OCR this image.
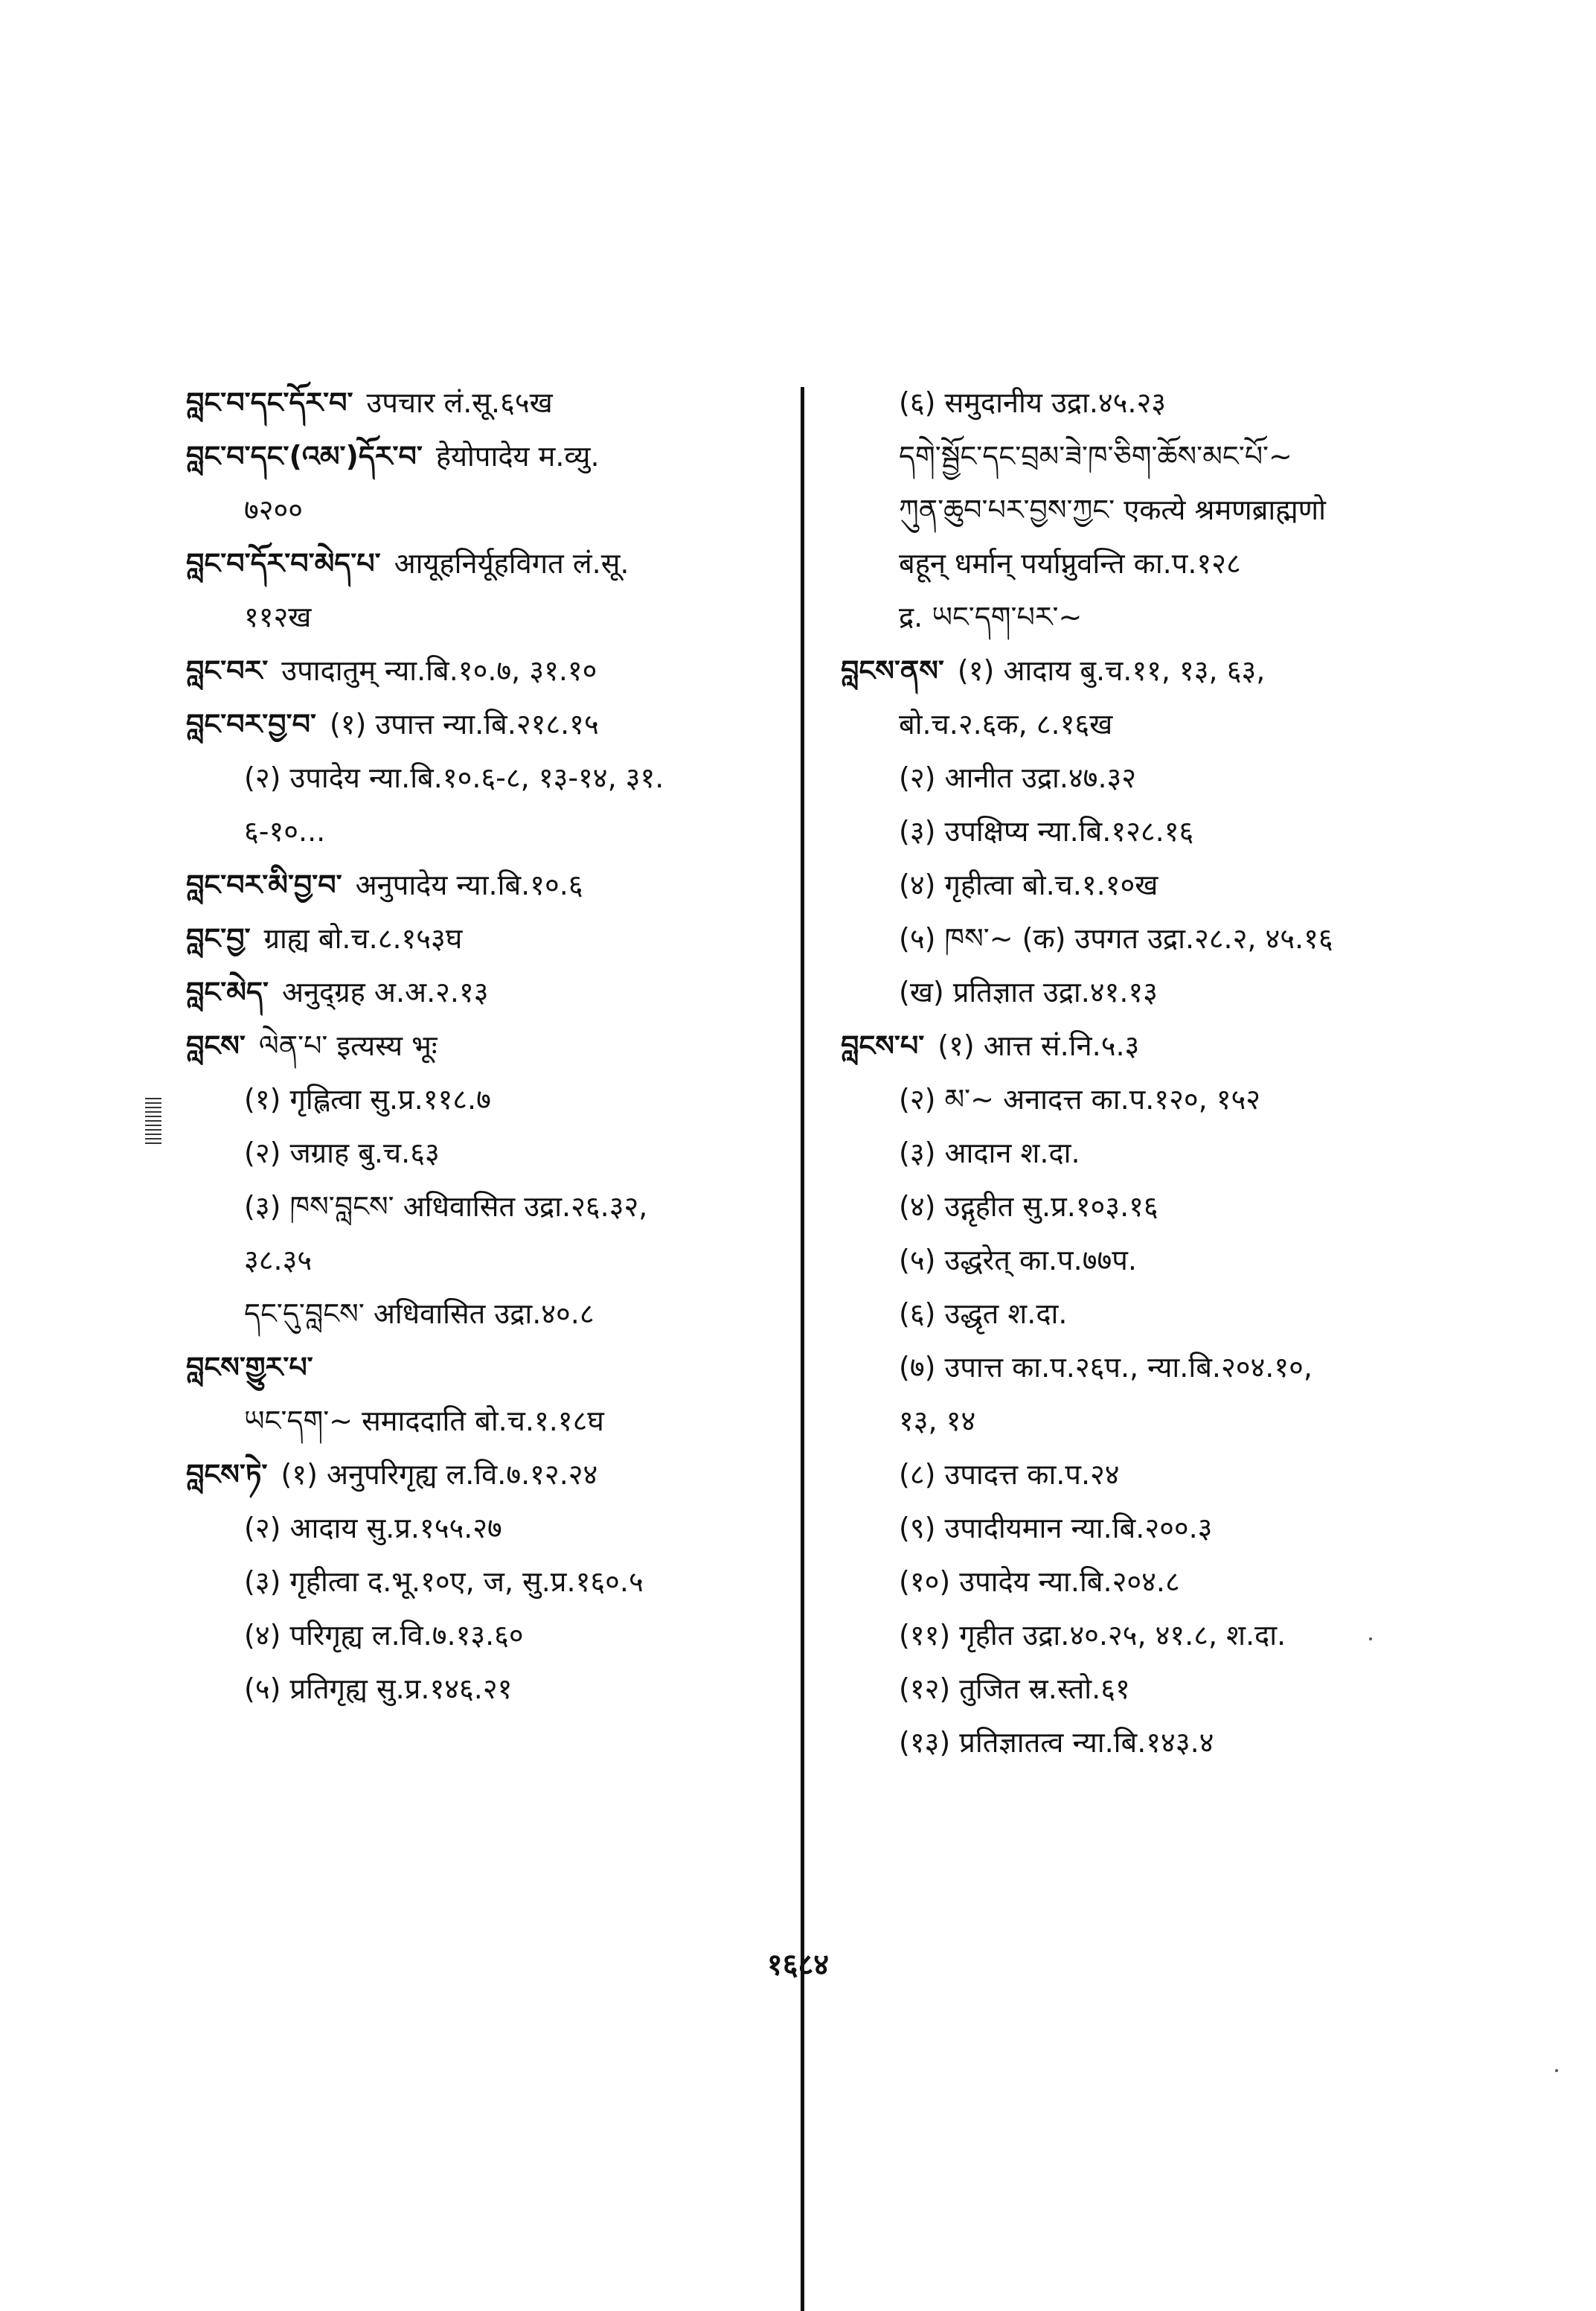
བླང་བ་དང་དོར་བ་ उपचार लं.सू.६५ख
བླང་བ་དང་(འམ་)དོར་བ་ हेयोपादेय म.व्यु.
७२००
བླང་བ་དོར་བ་མེད་པ་ आयूहनिर्यूहविगत लं.सू.
११२ख
བླང་བར་ उपादातुम् न्या.बि.१०.७, ३१.१०
བླང་བར་བྱ་བ་ (१) उपात्त न्या.बि.२१८.१५
(२) उपादेय न्या.बि.१०.६-८, १३-१४, ३१.
६-१०...
བླང་བར་མི་བྱ་བ་ अनुपादेय न्या.बि.१०.६
བླང་བྱ་ ग्राह्य बो.च.८.१५३घ
བླང་མེད་ अनुद्ग्रह अ.अ.२.१३
བླངས་ ལེན་པ་ इत्यस्य भूः
(१) गृह्लित्वा सु.प्र.११८.७
(२) जग्राह बु.च.६३
(३) ཁས་བླངས་ अधिवासित उद्रा.२६.३२,
३८.३५
དང་དུ་བླངས་ अधिवासित उद्रा.४०.८
བླངས་གྱུར་པ་
ཡང་དག་~ समाददाति बो.च.१.१८घ
བླངས་ཏེ་ (१) अनुपरिगृह्य ल.वि.७.१२.२४
(२) आदाय सु.प्र.१५५.२७
(३) गृहीत्वा द.भू.१०ए, ज, सु.प्र.१६०.५
(४) परिगृह्य ल.वि.७.१३.६०
(५) प्रतिगृह्य सु.प्र.१४६.२१
(६) समुदानीय उद्रा.४५.२३
དགེ་སྦྱོང་དང་བྲམ་ཟེ་ཁ་ཅིག་ཆོས་མང་པོ་~
ཀུན་ཆུབ་པར་བྱས་ཀྱང་ एकत्ये श्रमणब्राह्मणो
बहून् धर्मान् पर्याप्नुवन्ति का.प.१२८
द्र. ཡང་དག་པར་~
བླངས་ནས་ (१) आदाय बु.च.११, १३, ६३,
बो.च.२.६क, ८.१६ख
(२) आनीत उद्रा.४७.३२
(३) उपक्षिप्य न्या.बि.१२८.१६
(४) गृहीत्वा बो.च.१.१०ख
(५) ཁས་~ (क) उपगत उद्रा.२८.२, ४५.१६
(ख) प्रतिज्ञात उद्रा.४१.१३
བླངས་པ་ (१) आत्त सं.नि.५.३
(२) མ་~ अनादत्त का.प.१२०, १५२
(३) आदान श.दा.
(४) उद्गृहीत सु.प्र.१०३.१६
(५) उद्धरेत् का.प.७७प.
(६) उद्धृत श.दा.
(७) उपात्त का.प.२६प., न्या.बि.२०४.१०,
१३, १४
(८) उपादत्त का.प.२४
(९) उपादीयमान न्या.बि.२००.३
(१०) उपादेय न्या.बि.२०४.८
(११) गृहीत उद्रा.४०.२५, ४१.८, श.दा.
(१२) तुजित स्र.स्तो.६१
(१३) प्रतिज्ञातत्व न्या.बि.१४३.४
१६८४
